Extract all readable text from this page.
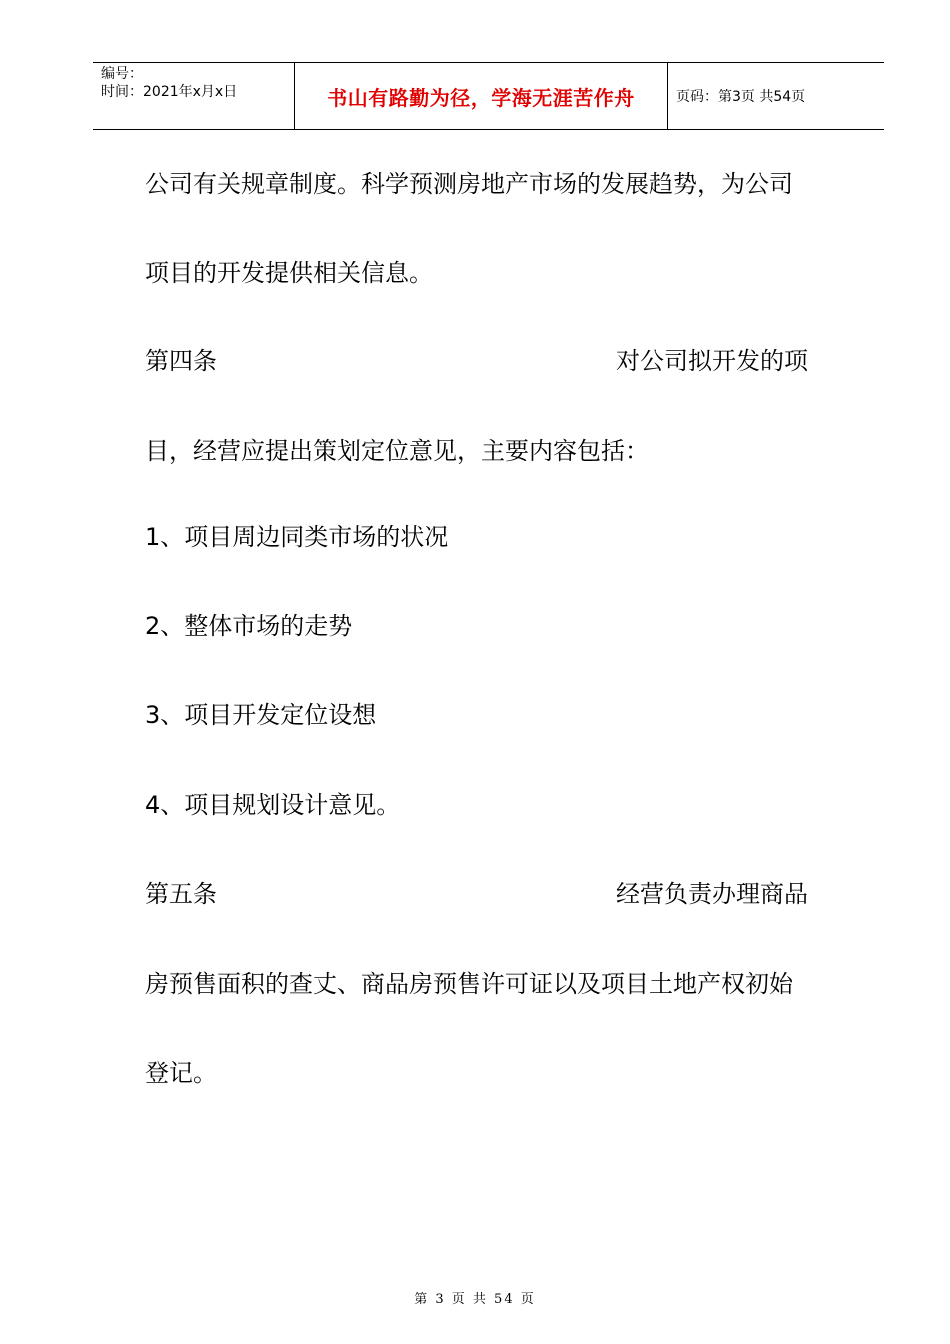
编号：
时间：2021年x月x日	书山有路勤为径，学海无涯苦作舟	页码：第3页 共54页
公司有关规章制度。科学预测房地产市场的发展趋势，为公司
项目的开发提供相关信息。
第四条	对公司拟开发的项
目，经营应提出策划定位意见，主要内容包括：
1、项目周边同类市场的状况
2、整体市场的走势
3、项目开发定位设想
4、项目规划设计意见。
第五条	经营负责办理商品
房预售面积的查丈、商品房预售许可证以及项目土地产权初始
登记。
第 3 页 共 54 页
